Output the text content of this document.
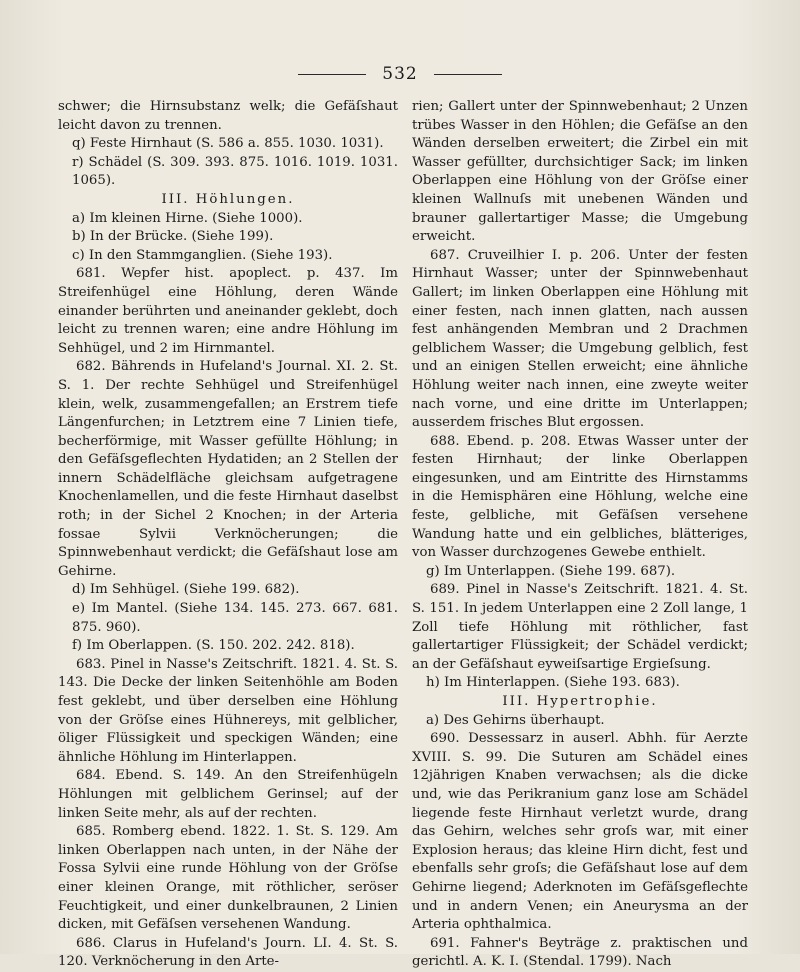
532

schwer; die Hirnsubstanz welk; die Gefäſshaut leicht davon zu trennen.

q) Feste Hirnhaut (S. 586 a. 855. 1030. 1031).

r) Schädel (S. 309. 393. 875. 1016. 1019. 1031. 1065).

III. Höhlungen.

a) Im kleinen Hirne. (Siehe 1000).

b) In der Brücke. (Siehe 199).

c) In den Stammganglien. (Siehe 193).

681. Wepfer hist. apoplect. p. 437. Im Streifenhügel eine Höhlung, deren Wände einander berührten und aneinander geklebt, doch leicht zu trennen waren; eine andre Höhlung im Sehhügel, und 2 im Hirnmantel.

682. Bährends in Hufeland's Journal. XI. 2. St. S. 1. Der rechte Sehhügel und Streifenhügel klein, welk, zusammengefallen; an Erstrem tiefe Längenfurchen; in Letztrem eine 7 Linien tiefe, becherförmige, mit Wasser gefüllte Höhlung; in den Gefäſsgeflechten Hydatiden; an 2 Stellen der innern Schädelfläche gleichsam aufgetragene Knochenlamellen, und die feste Hirnhaut daselbst roth; in der Sichel 2 Knochen; in der Arteria fossae Sylvii Verknöcherungen; die Spinnwebenhaut verdickt; die Gefäſshaut lose am Gehirne.

d) Im Sehhügel. (Siehe 199. 682).

e) Im Mantel. (Siehe 134. 145. 273. 667. 681. 875. 960).

f) Im Oberlappen. (S. 150. 202. 242. 818).

683. Pinel in Nasse's Zeitschrift. 1821. 4. St. S. 143. Die Decke der linken Seitenhöhle am Boden fest geklebt, und über derselben eine Höhlung von der Gröſse eines Hühnereys, mit gelblicher, öliger Flüssigkeit und speckigen Wänden; eine ähnliche Höhlung im Hinterlappen.

684. Ebend. S. 149. An den Streifenhügeln Höhlungen mit gelblichem Gerinsel; auf der linken Seite mehr, als auf der rechten.

685. Romberg ebend. 1822. 1. St. S. 129. Am linken Oberlappen nach unten, in der Nähe der Fossa Sylvii eine runde Höhlung von der Gröſse einer kleinen Orange, mit röthlicher, seröser Feuchtigkeit, und einer dunkelbraunen, 2 Linien dicken, mit Gefäſsen versehenen Wandung.

686. Clarus in Hufeland's Journ. LI. 4. St. S. 120. Verknöcherung in den Arte-

rien; Gallert unter der Spinnwebenhaut; 2 Unzen trübes Wasser in den Höhlen; die Gefäſse an den Wänden derselben erweitert; die Zirbel ein mit Wasser gefüllter, durchsichtiger Sack; im linken Oberlappen eine Höhlung von der Gröſse einer kleinen Wallnuſs mit unebenen Wänden und brauner gallertartiger Masse; die Umgebung erweicht.

687. Cruveilhier I. p. 206. Unter der festen Hirnhaut Wasser; unter der Spinnwebenhaut Gallert; im linken Oberlappen eine Höhlung mit einer festen, nach innen glatten, nach aussen fest anhängenden Membran und 2 Drachmen gelblichem Wasser; die Umgebung gelblich, fest und an einigen Stellen erweicht; eine ähnliche Höhlung weiter nach innen, eine zweyte weiter nach vorne, und eine dritte im Unterlappen; ausserdem frisches Blut ergossen.

688. Ebend. p. 208. Etwas Wasser unter der festen Hirnhaut; der linke Oberlappen eingesunken, und am Eintritte des Hirnstamms in die Hemisphären eine Höhlung, welche eine feste, gelbliche, mit Gefäſsen versehene Wandung hatte und ein gelbliches, blätteriges, von Wasser durchzogenes Gewebe enthielt.

g) Im Unterlappen. (Siehe 199. 687).

689. Pinel in Nasse's Zeitschrift. 1821. 4. St. S. 151. In jedem Unterlappen eine 2 Zoll lange, 1 Zoll tiefe Höhlung mit röthlicher, fast gallertartiger Flüssigkeit; der Schädel verdickt; an der Gefäſshaut eyweiſsartige Ergieſsung.

h) Im Hinterlappen. (Siehe 193. 683).

III. Hypertrophie.

a) Des Gehirns überhaupt.

690. Dessessarz in auserl. Abhh. für Aerzte XVIII. S. 99. Die Suturen am Schädel eines 12jährigen Knaben verwachsen; als die dicke und, wie das Perikranium ganz lose am Schädel liegende feste Hirnhaut verletzt wurde, drang das Gehirn, welches sehr groſs war, mit einer Explosion heraus; das kleine Hirn dicht, fest und ebenfalls sehr groſs; die Gefäſshaut lose auf dem Gehirne liegend; Aderknoten im Gefäſsgeflechte und in andern Venen; ein Aneurysma an der Arteria ophthalmica.

691. Fahner's Beyträge z. praktischen und gerichtl. A. K. I. (Stendal. 1799). Nach
